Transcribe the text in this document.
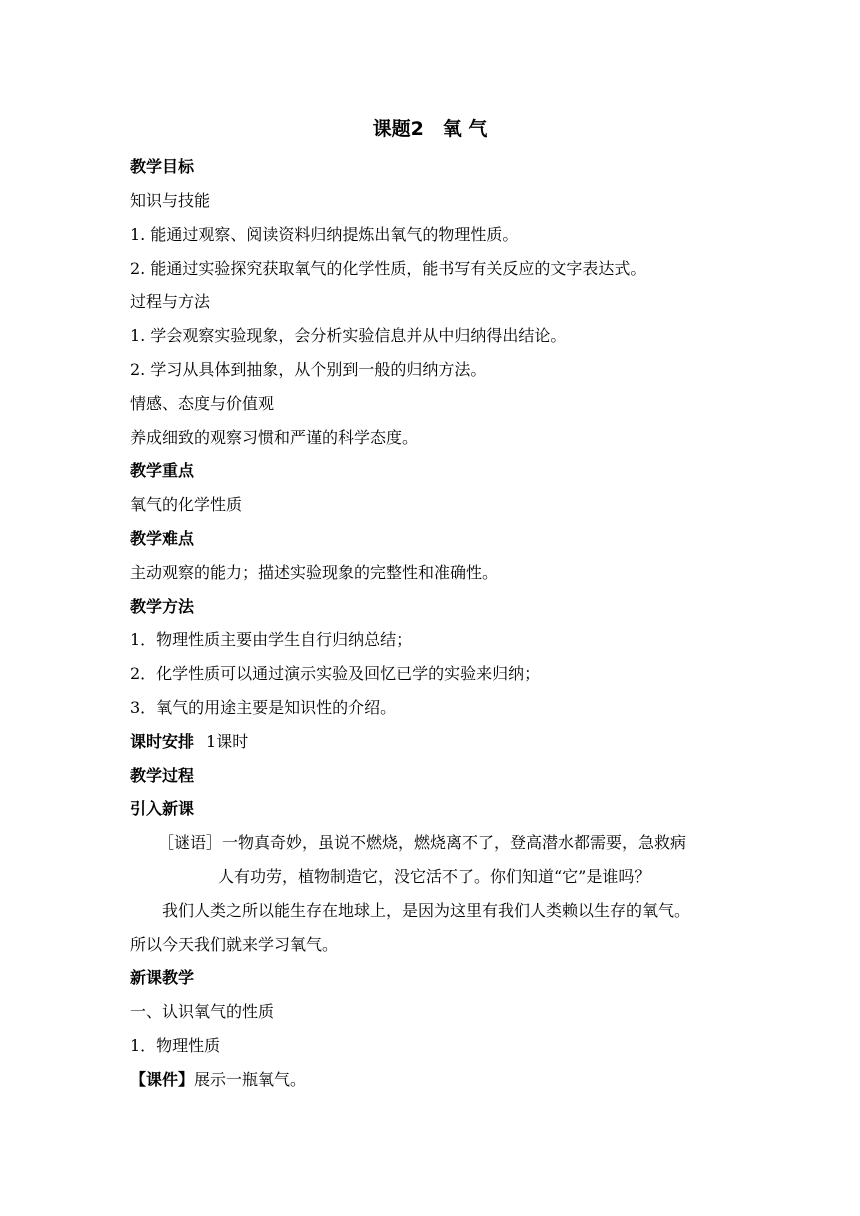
课题2　氧 气
教学目标
知识与技能
1. 能通过观察、阅读资料归纳提炼出氧气的物理性质。
2. 能通过实验探究获取氧气的化学性质，能书写有关反应的文字表达式。
过程与方法
1. 学会观察实验现象，会分析实验信息并从中归纳得出结论。
2. 学习从具体到抽象，从个别到一般的归纳方法。
情感、态度与价值观
养成细致的观察习惯和严谨的科学态度。
教学重点
氧气的化学性质
教学难点
主动观察的能力；描述实验现象的完整性和准确性。
教学方法
1．物理性质主要由学生自行归纳总结；
2．化学性质可以通过演示实验及回忆已学的实验来归纳；
3．氧气的用途主要是知识性的介绍。
课时安排 1课时
教学过程
引入新课
［谜语］一物真奇妙，虽说不燃烧，燃烧离不了，登高潜水都需要，急救病
人有功劳，植物制造它，没它活不了。你们知道“它”是谁吗？
我们人类之所以能生存在地球上，是因为这里有我们人类赖以生存的氧气。
所以今天我们就来学习氧气。
新课教学
一、认识氧气的性质
1．物理性质
【课件】展示一瓶氧气。
